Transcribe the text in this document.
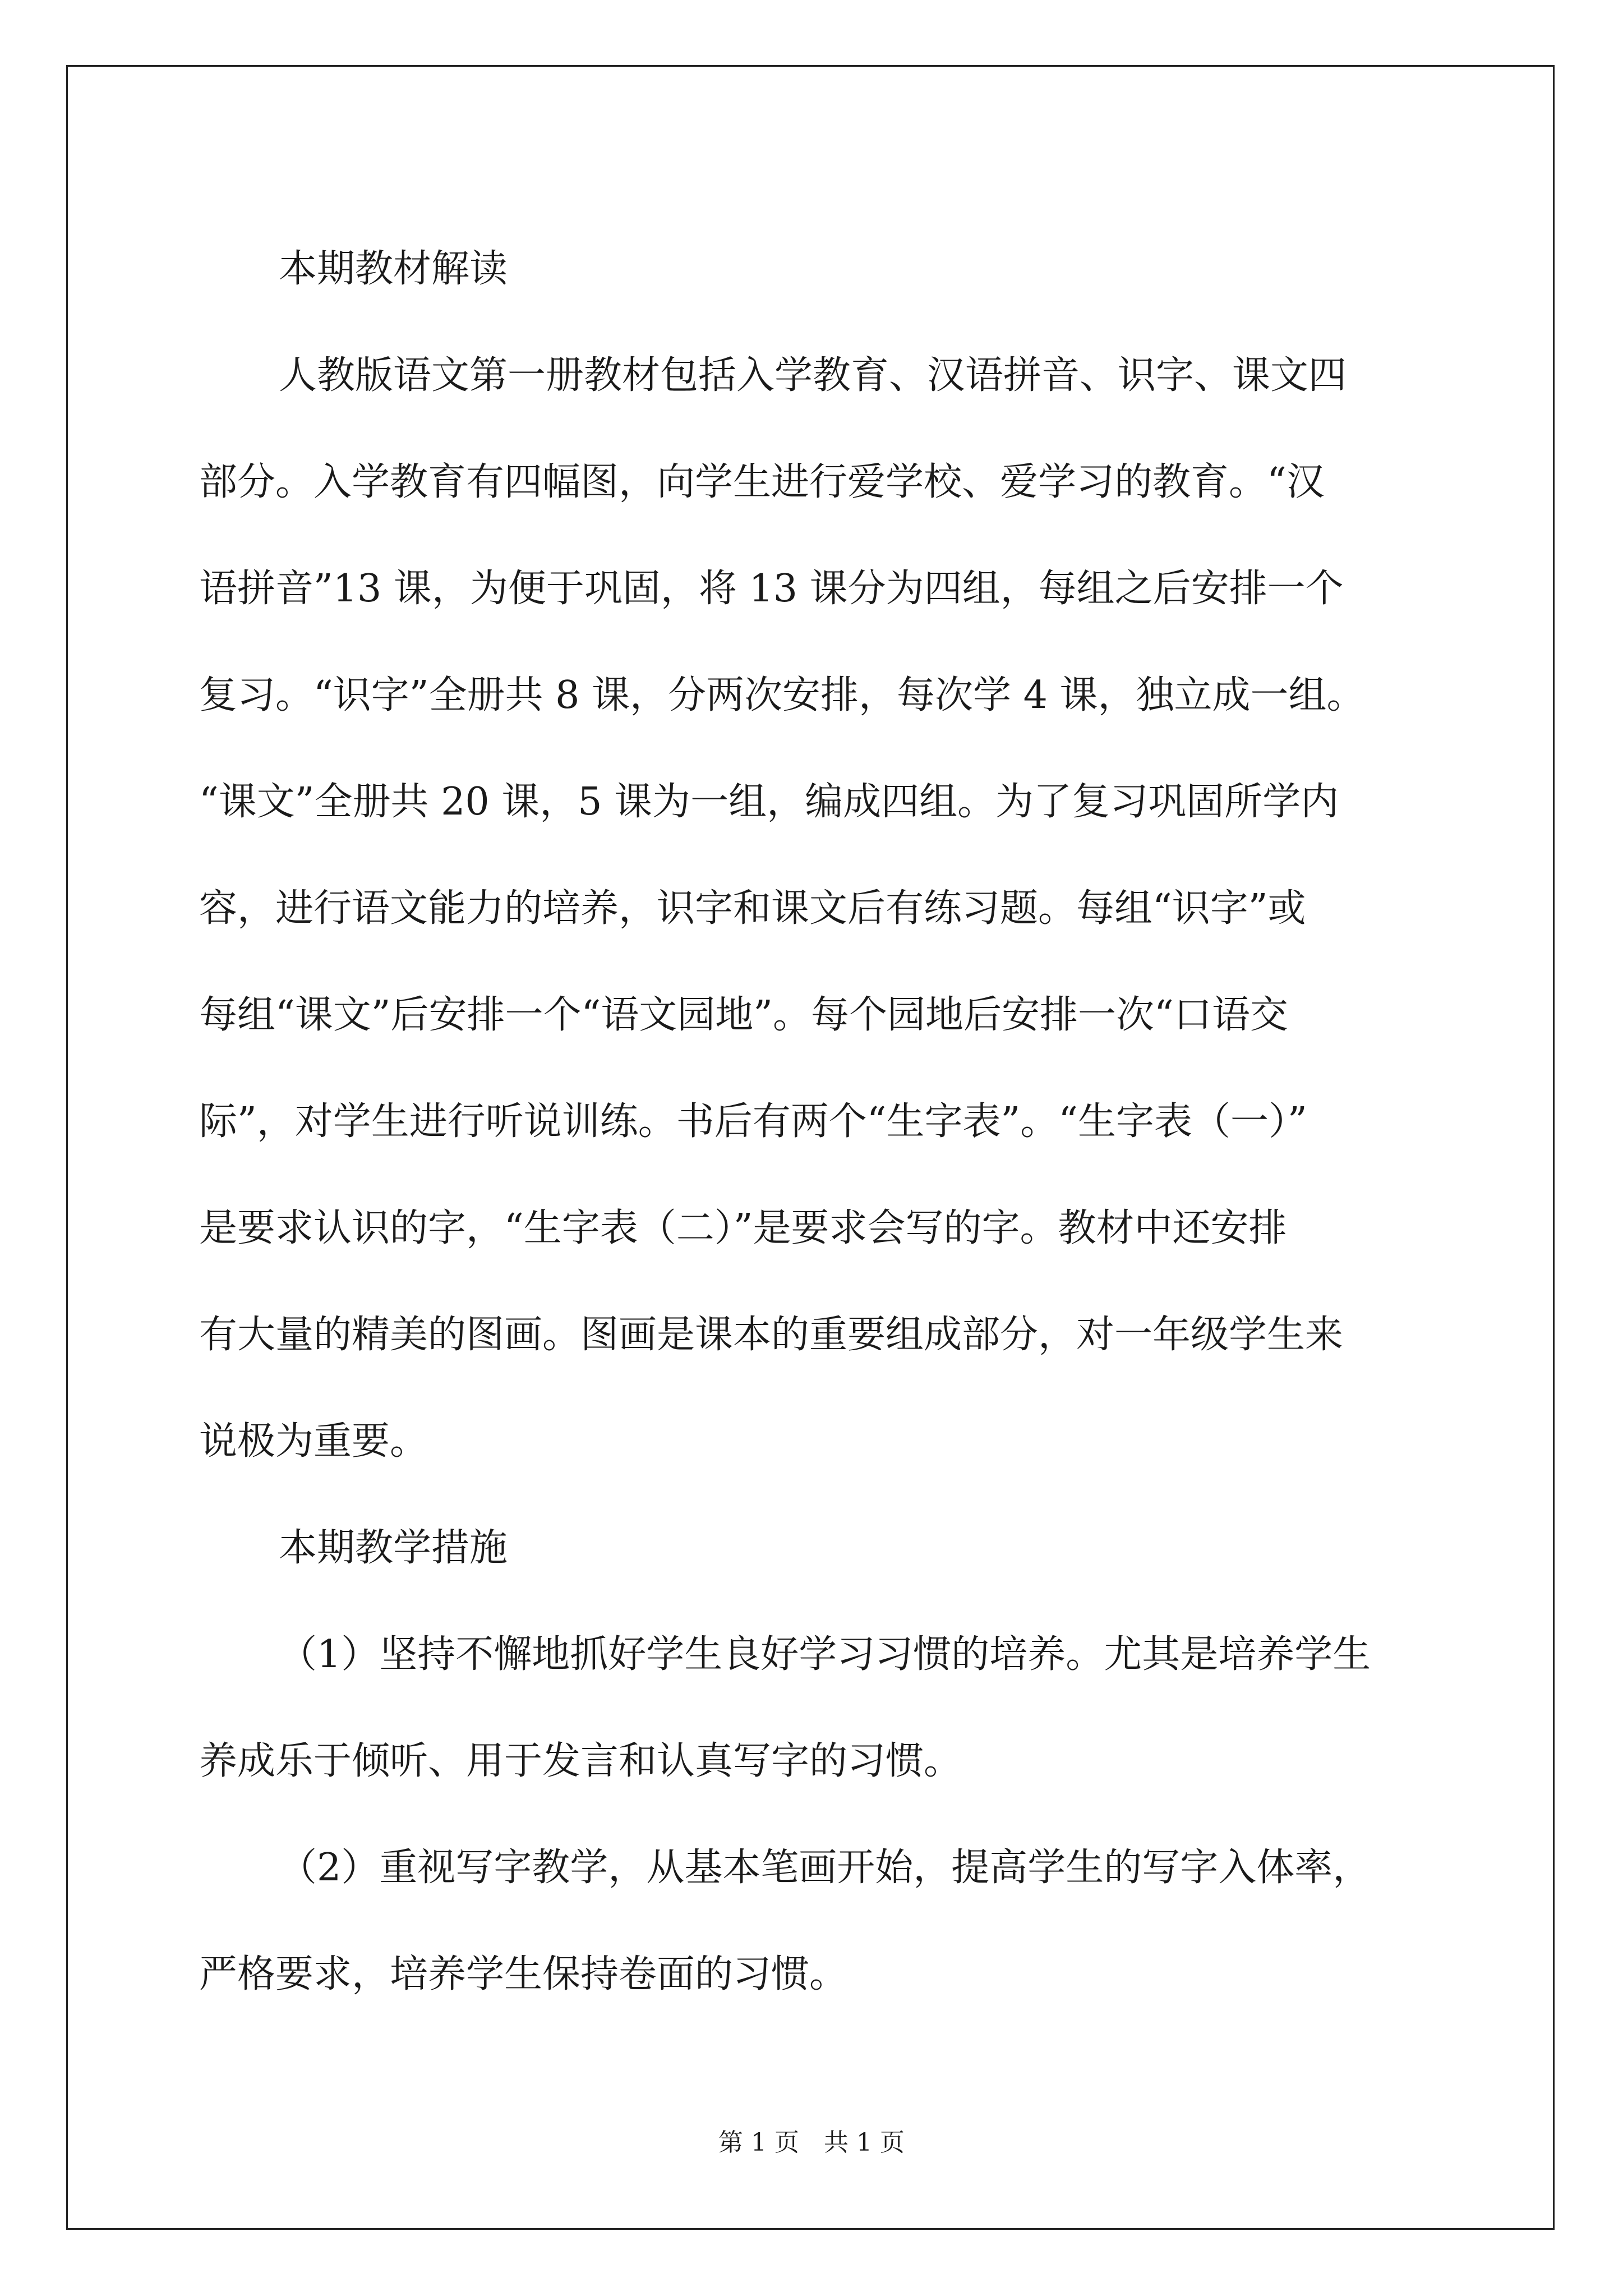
本期教材解读

人教版语文第一册教材包括入学教育、汉语拼音、识字、课文四
部分。入学教育有四幅图，向学生进行爱学校、爱学习的教育。“汉
语拼音”13 课，为便于巩固，将 13 课分为四组，每组之后安排一个
复习。“识字”全册共 8 课，分两次安排，每次学 4 课，独立成一组。
“课文”全册共 20 课，5 课为一组，编成四组。为了复习巩固所学内
容，进行语文能力的培养，识字和课文后有练习题。每组“识字”或
每组“课文”后安排一个“语文园地”。每个园地后安排一次“口语交
际”，对学生进行听说训练。书后有两个“生字表”。“生字表（一）”
是要求认识的字，“生字表（二）”是要求会写的字。教材中还安排
有大量的精美的图画。图画是课本的重要组成部分，对一年级学生来
说极为重要。

本期教学措施

（1）坚持不懈地抓好学生良好学习习惯的培养。尤其是培养学生
养成乐于倾听、用于发言和认真写字的习惯。
（2）重视写字教学，从基本笔画开始，提高学生的写字入体率，
严格要求，培养学生保持卷面的习惯。
第 1 页　共 1 页
